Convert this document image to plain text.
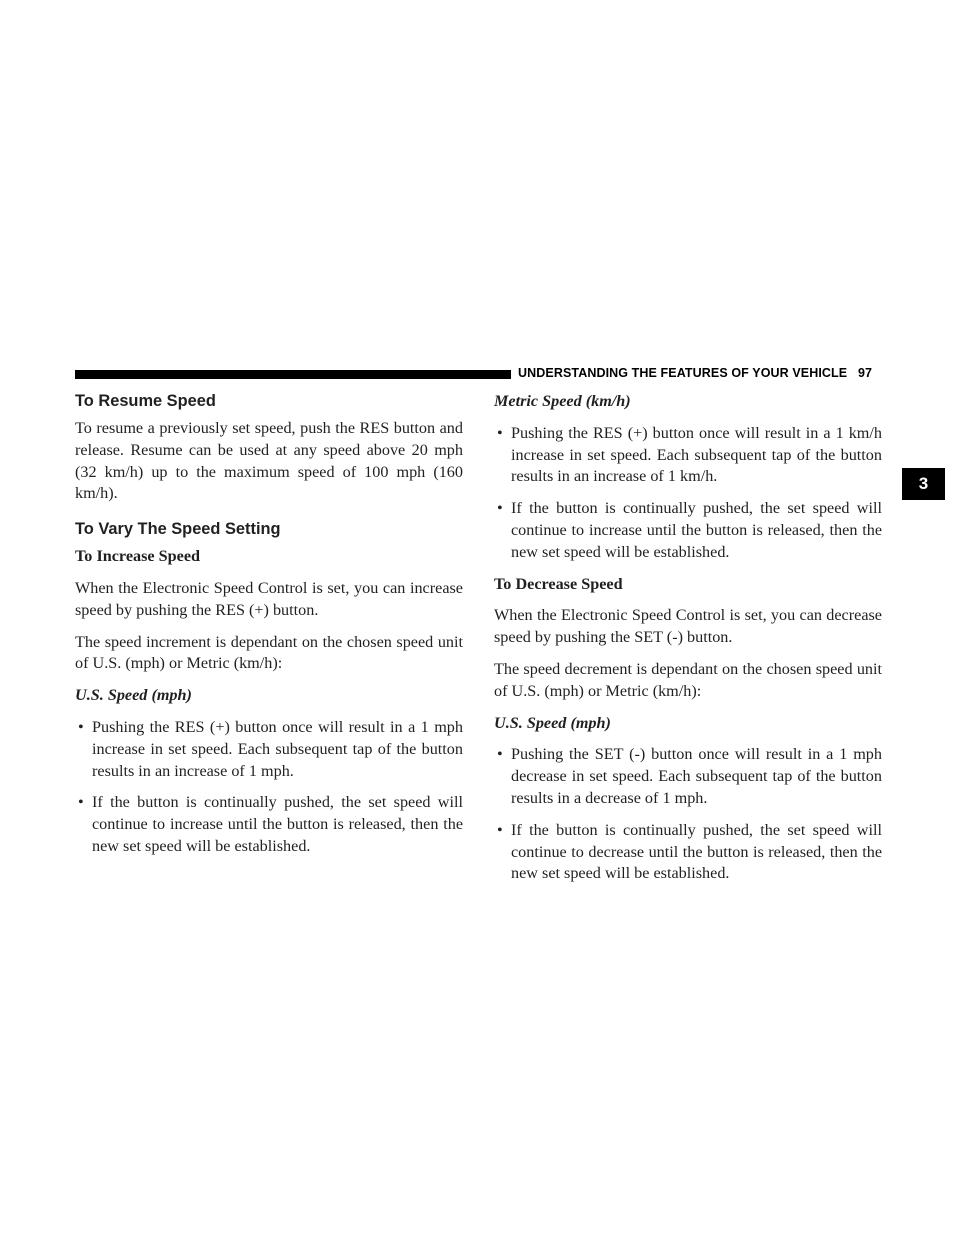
UNDERSTANDING THE FEATURES OF YOUR VEHICLE 97
3
To Resume Speed

To resume a previously set speed, push the RES button and release. Resume can be used at any speed above 20 mph (32 km/h) up to the maximum speed of 100 mph (160 km/h).

To Vary The Speed Setting
To Increase Speed

When the Electronic Speed Control is set, you can increase speed by pushing the RES (+) button.

The speed increment is dependant on the chosen speed unit of U.S. (mph) or Metric (km/h):

U.S. Speed (mph)
• Pushing the RES (+) button once will result in a 1 mph increase in set speed. Each subsequent tap of the button results in an increase of 1 mph.
• If the button is continually pushed, the set speed will continue to increase until the button is released, then the new set speed will be established.
Metric Speed (km/h)
• Pushing the RES (+) button once will result in a 1 km/h increase in set speed. Each subsequent tap of the button results in an increase of 1 km/h.
• If the button is continually pushed, the set speed will continue to increase until the button is released, then the new set speed will be established.
To Decrease Speed

When the Electronic Speed Control is set, you can decrease speed by pushing the SET (-) button.

The speed decrement is dependant on the chosen speed unit of U.S. (mph) or Metric (km/h):

U.S. Speed (mph)
• Pushing the SET (-) button once will result in a 1 mph decrease in set speed. Each subsequent tap of the button results in a decrease of 1 mph.
• If the button is continually pushed, the set speed will continue to decrease until the button is released, then the new set speed will be established.
